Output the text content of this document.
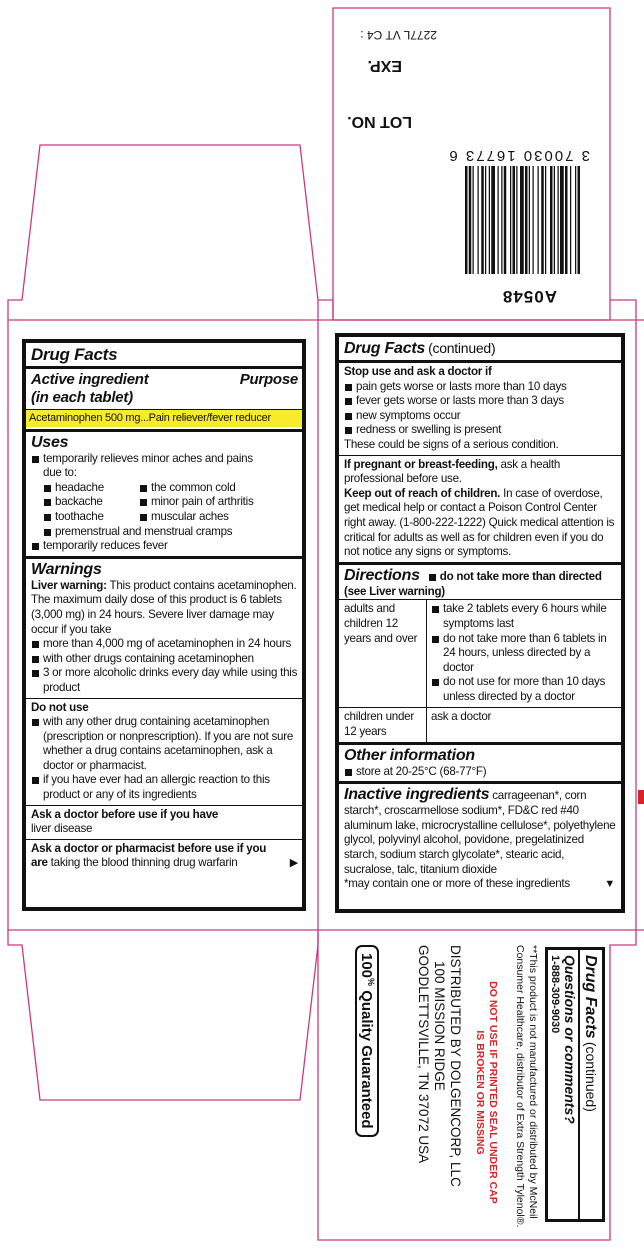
A0548
3 70030 16773 6
LOT NO.
EXP.
2277L VT C4 :
Drug Facts
Active ingredient	Purpose
(in each tablet)
Acetaminophen 500 mg...Pain reliever/fever reducer
Uses
temporarily relieves minor aches and pains
due to:
headache	the common cold
backache	minor pain of arthritis
toothache	muscular aches
premenstrual and menstrual cramps
temporarily reduces fever
Warnings
Liver warning: This product contains acetaminophen. The maximum daily dose of this product is 6 tablets (3,000 mg) in 24 hours. Severe liver damage may occur if you take
more than 4,000 mg of acetaminophen in 24 hours
with other drugs containing acetaminophen
3 or more alcoholic drinks every day while using this product
Do not use
with any other drug containing acetaminophen (prescription or nonprescription). If you are not sure whether a drug contains acetaminophen, ask a doctor or pharmacist.
if you have ever had an allergic reaction to this product or any of its ingredients
Ask a doctor before use if you have
liver disease
Ask a doctor or pharmacist before use if you are taking the blood thinning drug warfarin	▶
Drug Facts (continued)
Stop use and ask a doctor if
pain gets worse or lasts more than 10 days
fever gets worse or lasts more than 3 days
new symptoms occur
redness or swelling is present
These could be signs of a serious condition.
If pregnant or breast-feeding, ask a health professional before use.
Keep out of reach of children. In case of overdose, get medical help or contact a Poison Control Center right away. (1-800-222-1222) Quick medical attention is critical for adults as well as for children even if you do not notice any signs or symptoms.
Directions	do not take more than directed
(see Liver warning)
adults and children 12 years and over
take 2 tablets every 6 hours while symptoms last
do not take more than 6 tablets in 24 hours, unless directed by a doctor
do not use for more than 10 days unless directed by a doctor
children under 12 years
ask a doctor
Other information
store at 20-25°C (68-77°F)
Inactive ingredients carrageenan*, corn starch*, croscarmellose sodium*, FD&C red #40 aluminum lake, microcrystalline cellulose*, polyethylene glycol, polyvinyl alcohol, povidone, pregelatinized starch, sodium starch glycolate*, stearic acid, sucralose, talc, titanium dioxide
*may contain one or more of these ingredients	▼
Drug Facts (continued)
Questions or comments?
1-888-309-9030
**This product is not manufactured or distributed by McNeil Consumer Healthcare, distributor of Extra Strength Tylenol®.
DO NOT USE IF PRINTED SEAL UNDER CAP IS BROKEN OR MISSING
DISTRIBUTED BY DOLGENCORP, LLC
100 MISSION RIDGE
GOODLETTSVILLE, TN 37072 USA
100% Quality Guaranteed
